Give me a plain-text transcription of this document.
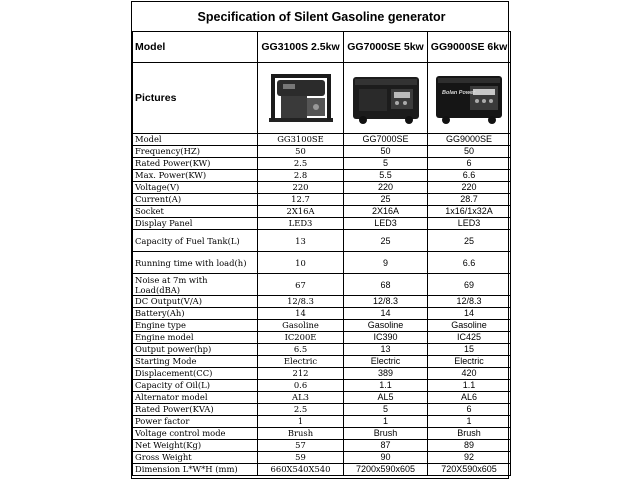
Specification of Silent Gasoline generator			
Model	GG3100S 2.5kw	GG7000SE 5kw	GG9000SE 6kw
Pictures			Bolan Power

Model	GG3100SE	GG7000SE	GG9000SE
Frequency(HZ)	50	50	50
Rated Power(KW)	2.5	5	6
Max. Power(KW)	2.8	5.5	6.6
Voltage(V)	220	220	220
Current(A)	12.7	25	28.7
Socket	2X16A	2X16A	1x16/1x32A
Display Panel	LED3	LED3	LED3
Capacity of Fuel Tank(L)	13	25	25
Running time with load(h)	10	9	6.6
Noise at 7m with Load(dBA)	67	68	69
DC Output(V/A)	12/8.3	12/8.3	12/8.3
Battery(Ah)	14	14	14
Engine type	Gasoline	Gasoline	Gasoline
Engine model	IC200E	IC390	IC425
Output power(hp)	6.5	13	15
Starting Mode	Electric	Electric	Electric
Displacement(CC)	212	389	420
Capacity of Oil(L)	0.6	1.1	1.1
Alternator model	AL3	AL5	AL6
Rated Power(KVA)	2.5	5	6
Power factor	1	1	1
Voltage control mode	Brush	Brush	Brush
Net Weight(Kg)	57	87	89
Gross Weight	59	90	92
Dimension L*W*H (mm)	660X540X540	7200x590x605	720X590x605
